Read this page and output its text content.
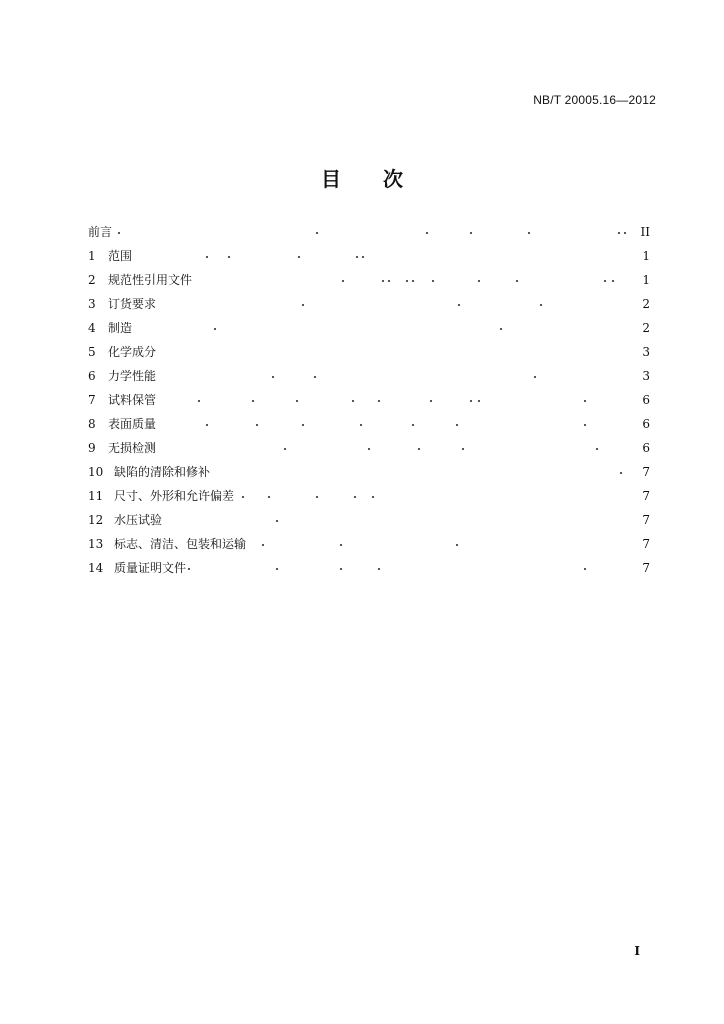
NB/T 20005.16—2012
目 次
前言	II
1 范围	1
2 规范性引用文件	1
3 订货要求	2
4 制造	2
5 化学成分	3
6 力学性能	3
7 试料保管	6
8 表面质量	6
9 无损检测	6
10 缺陷的清除和修补	7
11 尺寸、外形和允许偏差	7
12 水压试验	7
13 标志、清洁、包装和运输	7
14 质量证明文件	7
I
